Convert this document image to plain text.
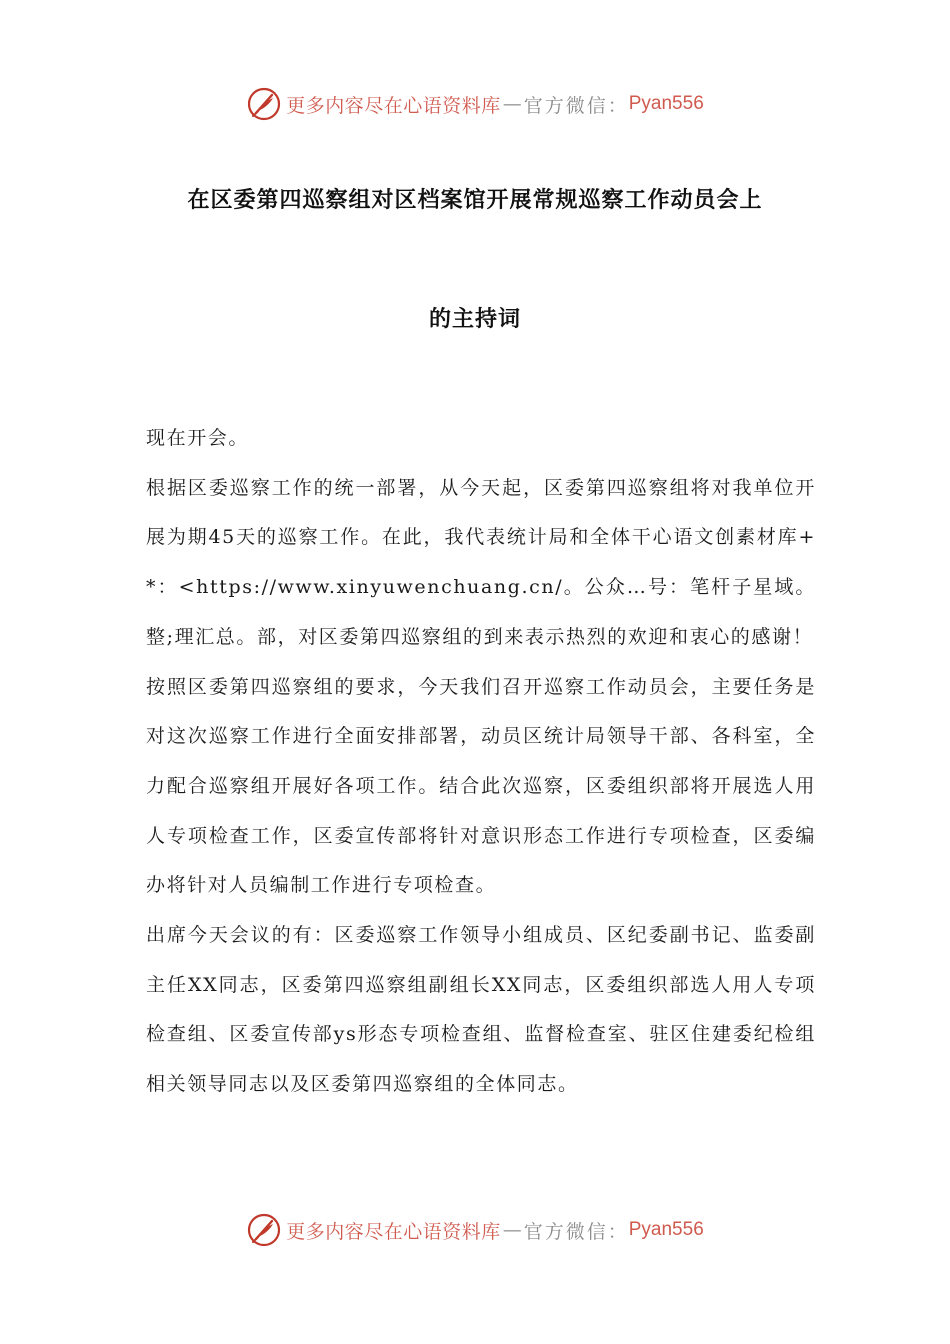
更多内容尽在心语资料库 — 官方微信： Pyan556
在区委第四巡察组对区档案馆开展常规巡察工作动员会上
的主持词

现在开会。

根据区委巡察工作的统一部署，从今天起，区委第四巡察组将对我单位开展为期45天的巡察工作。在此，我代表统计局和全体干心语文创素材库+*：<https://www.xinyuwenchuang.cn/。公众…号：笔杆子星域。整;理汇总。部，对区委第四巡察组的到来表示热烈的欢迎和衷心的感谢！

按照区委第四巡察组的要求，今天我们召开巡察工作动员会，主要任务是对这次巡察工作进行全面安排部署，动员区统计局领导干部、各科室，全力配合巡察组开展好各项工作。结合此次巡察，区委组织部将开展选人用人专项检查工作，区委宣传部将针对意识形态工作进行专项检查，区委编办将针对人员编制工作进行专项检查。

出席今天会议的有：区委巡察工作领导小组成员、区纪委副书记、监委副主任XX同志，区委第四巡察组副组长XX同志，区委组织部选人用人专项检查组、区委宣传部ys形态专项检查组、监督检查室、驻区住建委纪检组相关领导同志以及区委第四巡察组的全体同志。

更多内容尽在心语资料库 — 官方微信： Pyan556
